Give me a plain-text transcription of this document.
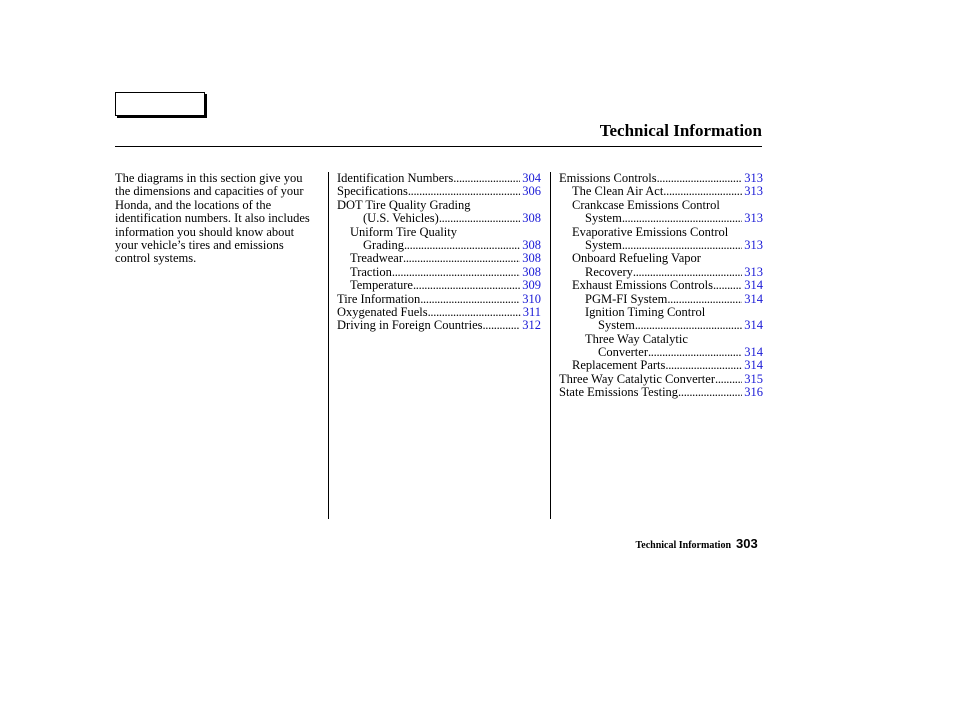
Technical Information
The diagrams in this section give you the dimensions and capacities of your Honda, and the locations of the identification numbers. It also includes information you should know about your vehicle’s tires and emissions control systems.
Identification Numbers .....	304
Specifications .....	306
DOT Tire Quality Grading
(U.S. Vehicles) .....	308
Uniform Tire Quality
Grading .....	308
Treadwear .....	308
Traction .....	308
Temperature .....	309
Tire Information .....	310
Oxygenated Fuels .....	311
Driving in Foreign Countries .....	312
Emissions Controls .....	313
The Clean Air Act .....	313
Crankcase Emissions Control
System .....	313
Evaporative Emissions Control
System .....	313
Onboard Refueling Vapor
Recovery .....	313
Exhaust Emissions Controls .....	314
PGM-FI System .....	314
Ignition Timing Control
System .....	314
Three Way Catalytic
Converter .....	314
Replacement Parts .....	314
Three Way Catalytic Converter ..... 315
State Emissions Testing .....	316
Technical Information 303
